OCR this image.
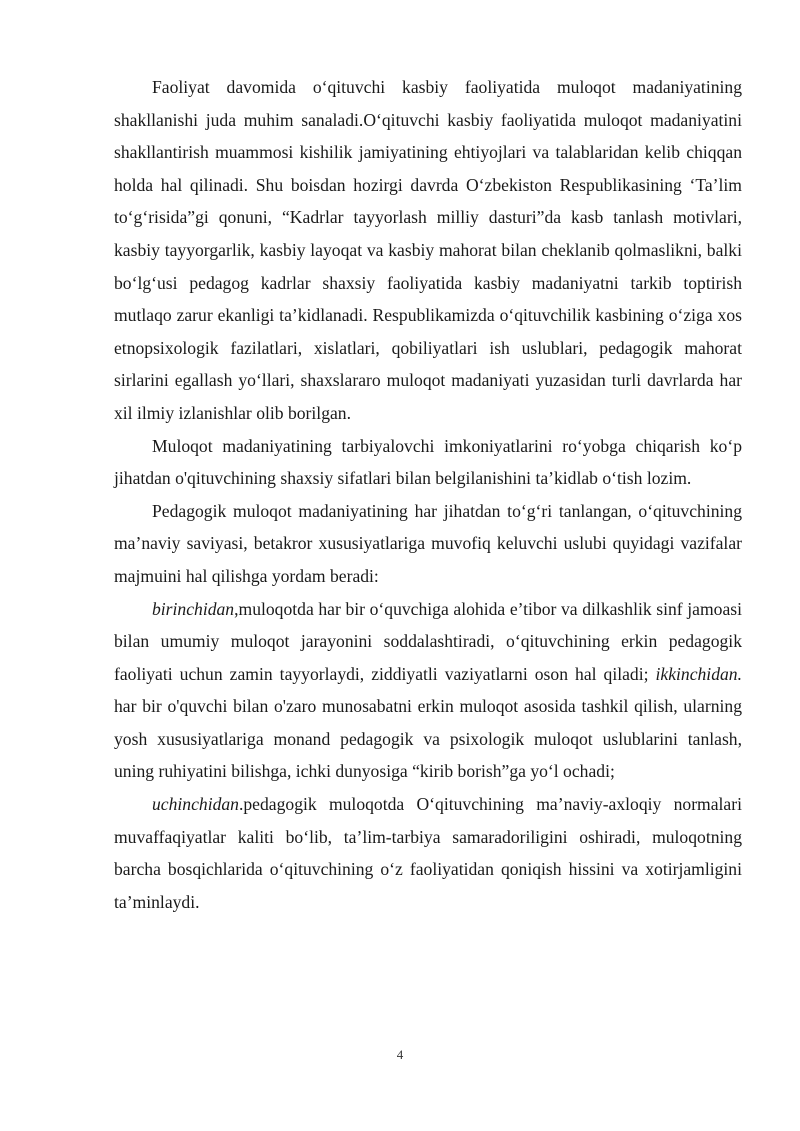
Faoliyat davomida o‘qituvchi kasbiy faoliyatida muloqot madaniyatining shakllanishi juda muhim sanaladi.O‘qituvchi kasbiy faoliyatida muloqot madaniyatini shakllantirish muammosi kishilik jamiyatining ehtiyojlari va talablaridan kelib chiqqan holda hal qilinadi. Shu boisdan hozirgi davrda O‘zbekiston Respublikasining ‘Ta’lim to‘g‘risida”gi qonuni, “Kadrlar tayyorlash milliy dasturi”da kasb tanlash motivlari, kasbiy tayyorgarlik, kasbiy layoqat va kasbiy mahorat bilan cheklanib qolmaslikni, balki bo‘lg‘usi pedagog kadrlar shaxsiy faoliyatida kasbiy madaniyatni tarkib toptirish mutlaqo zarur ekanligi ta’kidlanadi. Respublikamizda o‘qituvchilik kasbining o‘ziga xos etnopsixologik fazilatlari, xislatlari, qobiliyatlari ish uslublari, pedagogik mahorat sirlarini egallash yo‘llari, shaxslararo muloqot madaniyati yuzasidan turli davrlarda har xil ilmiy izlanishlar olib borilgan.

Muloqot madaniyatining tarbiyalovchi imkoniyatlarini ro‘yobga chiqarish ko‘p jihatdan o'qituvchining shaxsiy sifatlari bilan belgilanishini ta’kidlab o‘tish lozim.

Pedagogik muloqot madaniyatining har jihatdan to‘g‘ri tanlangan, o‘qituvchining ma’naviy saviyasi, betakror xususiyatlariga muvofiq keluvchi uslubi quyidagi vazifalar majmuini hal qilishga yordam beradi:

birinchidan,muloqotda har bir o‘quvchiga alohida e’tibor va dilkashlik sinf jamoasi bilan umumiy muloqot jarayonini soddalashtiradi, o‘qituvchining erkin pedagogik faoliyati uchun zamin tayyorlaydi, ziddiyatli vaziyatlarni oson hal qiladi; ikkinchidan. har bir o'quvchi bilan o'zaro munosabatni erkin muloqot asosida tashkil qilish, ularning yosh xususiyatlariga monand pedagogik va psixologik muloqot uslublarini tanlash, uning ruhiyatini bilishga, ichki dunyosiga “kirib borish”ga yo‘l ochadi;

uchinchidan.pedagogik muloqotda O‘qituvchining ma’naviy-axloqiy normalari muvaffaqiyatlar kaliti bo‘lib, ta’lim-tarbiya samaradoriligini oshiradi, muloqotning barcha bosqichlarida o‘qituvchining o‘z faoliyatidan qoniqish hissini va xotirjamligini ta’minlaydi.

4
